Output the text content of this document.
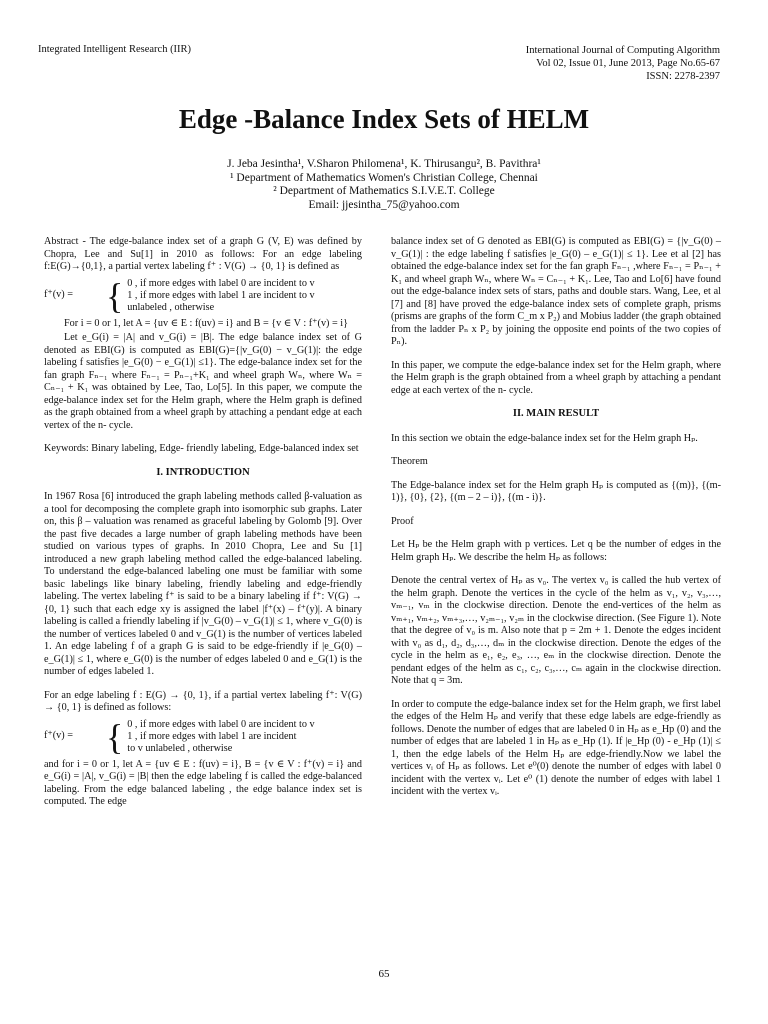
Integrated Intelligent Research (IIR)	International Journal of Computing Algorithm
Vol 02, Issue 01, June 2013, Page No.65-67
ISSN: 2278-2397
Edge -Balance Index Sets of HELM
J. Jeba Jesintha¹, V.Sharon Philomena¹, K. Thirusangu², B. Pavithra¹
¹ Department of Mathematics Women's Christian College, Chennai
² Department of Mathematics S.I.V.E.T. College
Email: jjesintha_75@yahoo.com

Abstract - The edge-balance index set of a graph G (V, E) was defined by Chopra, Lee and Su[1] in 2010 as follows: For an edge labeling f:E(G)→{0,1}, a partial vertex labeling f⁺ : V(G) → {0, 1} is defined as

f⁺(v) = { 0 , if more edges with label 0 are incident to v
1 , if more edges with label 1 are incident to v
unlabeled , otherwise

For i = 0 or 1, let A = {uv ∈ E : f(uv) = i} and B = {v ∈ V : f⁺(v) = i}

Let e_G(i) = |A| and v_G(i) = |B|. The edge balance index set of G denoted as EBI(G) is computed as EBI(G)={|v_G(0) − v_G(1)|: the edge labeling f satisfies |e_G(0) − e_G(1)| ≤1}. The edge-balance index set for the fan graph Fₙ₋₁ where Fₙ₋₁ = Pₙ₋₁+K₁ and wheel graph Wₙ, where Wₙ = Cₙ₋₁ + K₁ was obtained by Lee, Tao, Lo[5]. In this paper, we compute the edge-balance index set for the Helm graph, where the Helm graph is defined as the graph obtained from a wheel graph by attaching a pendant edge at each vertex of the n- cycle.

Keywords: Binary labeling, Edge- friendly labeling, Edge-balanced index set

I. INTRODUCTION

In 1967 Rosa [6] introduced the graph labeling methods called β-valuation as a tool for decomposing the complete graph into isomorphic sub graphs. Later on, this β – valuation was renamed as graceful labeling by Golomb [9]. Over the past five decades a large number of graph labeling methods have been studied on various types of graphs. In 2010 Chopra, Lee and Su [1] introduced a new graph labeling method called the edge-balanced labeling. To understand the edge-balanced labeling one must be familiar with some basic labelings like binary labeling, friendly labeling and edge-friendly labeling. The vertex labeling f⁺ is said to be a binary labeling if f⁺: V(G) → {0, 1} such that each edge xy is assigned the label |f⁺(x) – f⁺(y)|. A binary labeling is called a friendly labeling if |v_G(0) – v_G(1)| ≤ 1, where v_G(0) is the number of vertices labeled 0 and v_G(1) is the number of vertices labeled 1. An edge labeling f of a graph G is said to be edge-friendly if |e_G(0) – e_G(1)| ≤ 1, where e_G(0) is the number of edges labeled 0 and e_G(1) is the number of edges labeled 1.

For an edge labeling f : E(G) → {0, 1}, if a partial vertex labeling f⁺: V(G) → {0, 1} is defined as follows:

f⁺(v) = { 0 , if more edges with label 0 are incident to v
1 , if more edges with label 1 are incident
to v unlabeled , otherwise

and for i = 0 or 1, let A = {uv ∈ E : f(uv) = i}, B = {v ∈ V : f⁺(v) = i} and e_G(i) = |A|, v_G(i) = |B| then the edge labeling f is called the edge-balanced labeling. From the edge balanced labeling , the edge balance index set is computed. The edge

balance index set of G denoted as EBI(G) is computed as EBI(G) = {|v_G(0) – v_G(1)| : the edge labeling f satisfies |e_G(0) – e_G(1)| ≤ 1}. Lee et al [2] has obtained the edge-balance index set for the fan graph Fₙ₋₁ ,where Fₙ₋₁ = Pₙ₋₁ + K₁ and wheel graph Wₙ, where Wₙ = Cₙ₋₁ + K₁. Lee, Tao and Lo[6] have found out the edge-balance index sets of stars, paths and double stars. Wang, Lee, et al [7] and [8] have proved the edge-balance index sets of complete graph, prisms (prisms are graphs of the form C_m x P₂) and Mobius ladder (the graph obtained from the ladder Pₙ x P₂ by joining the opposite end points of the two copies of Pₙ).

In this paper, we compute the edge-balance index set for the Helm graph, where the Helm graph is the graph obtained from a wheel graph by attaching a pendant edge at each vertex of the n- cycle.

II. MAIN RESULT

In this section we obtain the edge-balance index set for the Helm graph Hₚ.

Theorem

The Edge-balance index set for the Helm graph Hₚ is computed as {(m)}, {(m-1)}, {0}, {2}, {(m – 2 – i)}, {(m - i)}.

Proof

Let Hₚ be the Helm graph with p vertices. Let q be the number of edges in the Helm graph Hₚ. We describe the helm Hₚ as follows:

Denote the central vertex of Hₚ as v₀. The vertex v₀ is called the hub vertex of the helm graph. Denote the vertices in the cycle of the helm as v₁, v₂, v₃,…, vₘ₋₁, vₘ in the clockwise direction. Denote the end-vertices of the helm as vₘ₊₁, vₘ₊₂, vₘ₊₃,…, v₂ₘ₋₁, v₂ₘ in the clockwise direction. (See Figure 1). Note that the degree of v₀ is m. Also note that p = 2m + 1. Denote the edges incident with v₀ as d₁, d₂, d₃,…, dₘ in the clockwise direction. Denote the edges of the cycle in the helm as e₁, e₂, e₃, …, eₘ in the clockwise direction. Denote the pendant edges of the helm as c₁, c₂, c₃,…, cₘ again in the clockwise direction. Note that q = 3m.

In order to compute the edge-balance index set for the Helm graph, we first label the edges of the Helm Hₚ and verify that these edge labels are edge-friendly as follows. Denote the number of edges that are labeled 0 in Hₚ as e_Hp (0) and the number of edges that are labeled 1 in Hₚ as e_Hp (1). If |e_Hp (0) - e_Hp (1)| ≤ 1, then the edge labels of the Helm Hₚ are edge-friendly.Now we label the vertices vᵢ of Hₚ as follows. Let e⁰(0) denote the number of edges with label 0 incident with the vertex vᵢ. Let e⁰ (1) denote the number of edges with label 1 incident with the vertex vᵢ.

65
